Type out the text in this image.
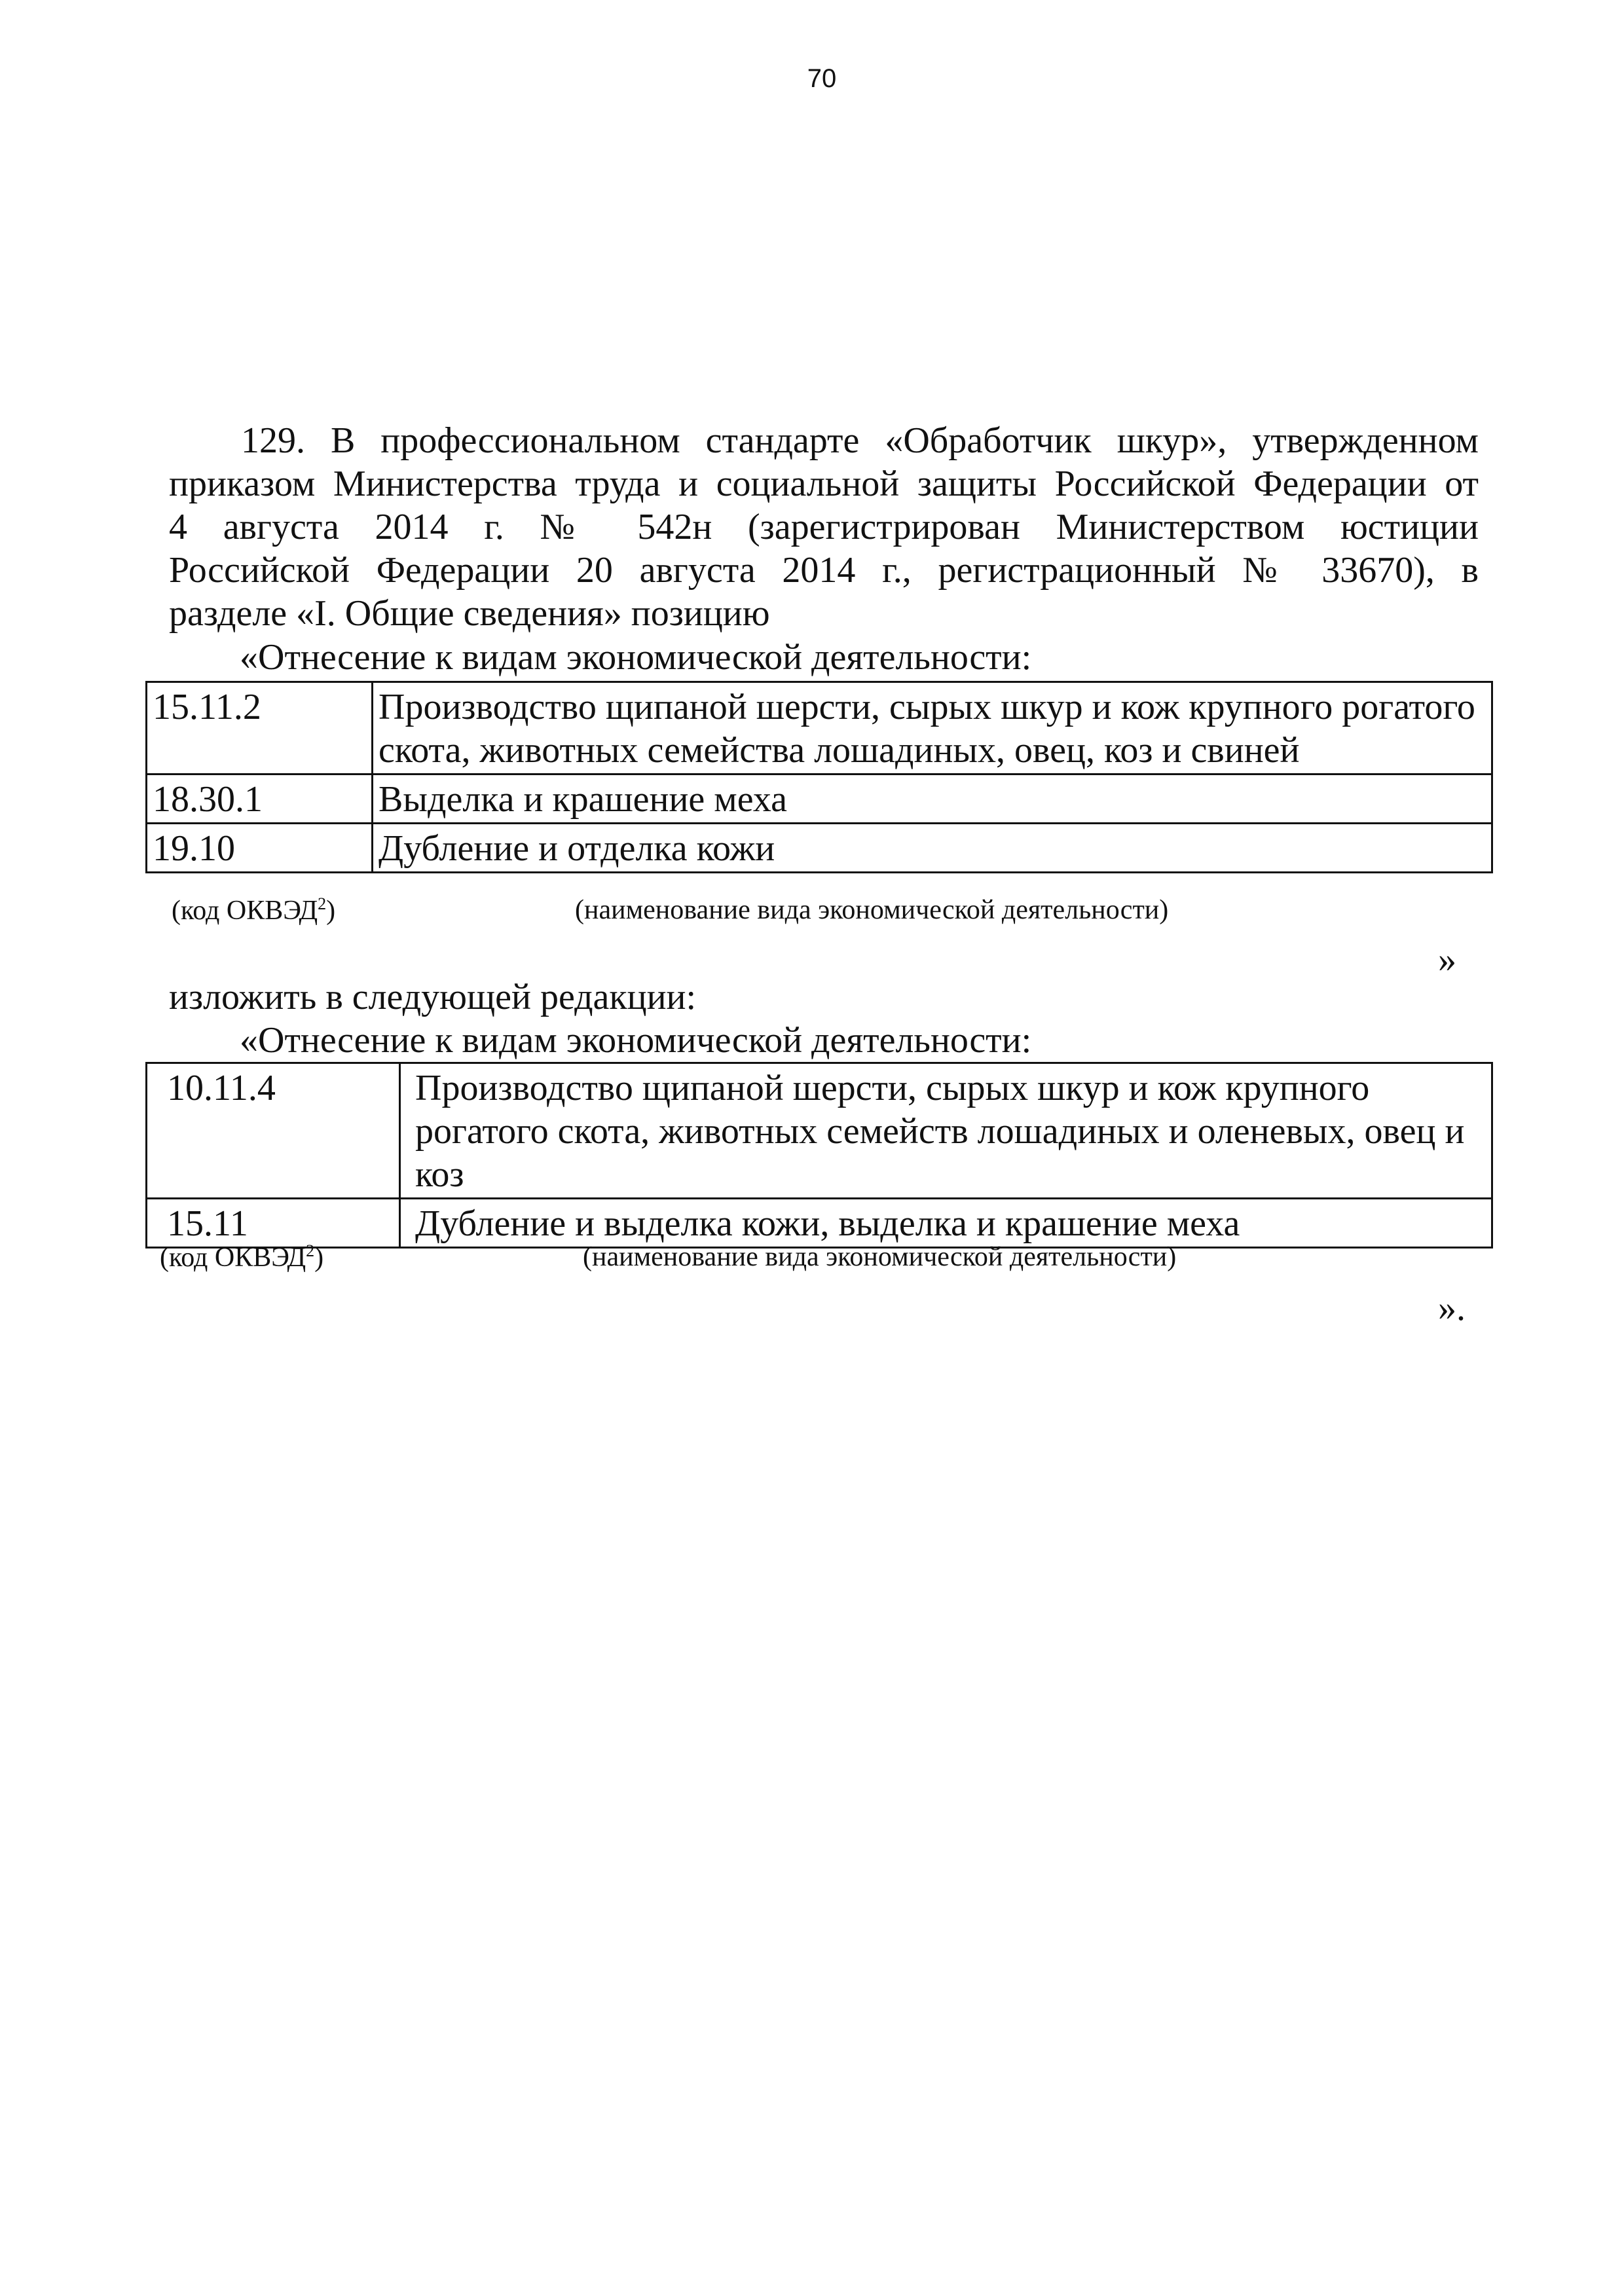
70
129. В профессиональном стандарте «Обработчик шкур», утвержденном
приказом Министерства труда и социальной защиты Российской Федерации от
4 августа 2014 г. № 542н (зарегистрирован Министерством юстиции
Российской Федерации 20 августа 2014 г., регистрационный № 33670), в
разделе «I. Общие сведения» позицию
«Отнесение к видам экономической деятельности:
15.11.2	Производство щипаной шерсти, сырых шкур и кож крупного рогатого скота, животных семейства лошадиных, овец, коз и свиней
18.30.1	Выделка и крашение меха
19.10	Дубление и отделка кожи
(код ОКВЭД$^2$)	(наименование вида экономической деятельности)
»
изложить в следующей редакции:
«Отнесение к видам экономической деятельности:
10.11.4	Производство щипаной шерсти, сырых шкур и кож крупного рогатого скота, животных семейств лошадиных и оленевых, овец и коз
15.11	Дубление и выделка кожи, выделка и крашение меха
(код ОКВЭД$^2$)	(наименование вида экономической деятельности)
».
